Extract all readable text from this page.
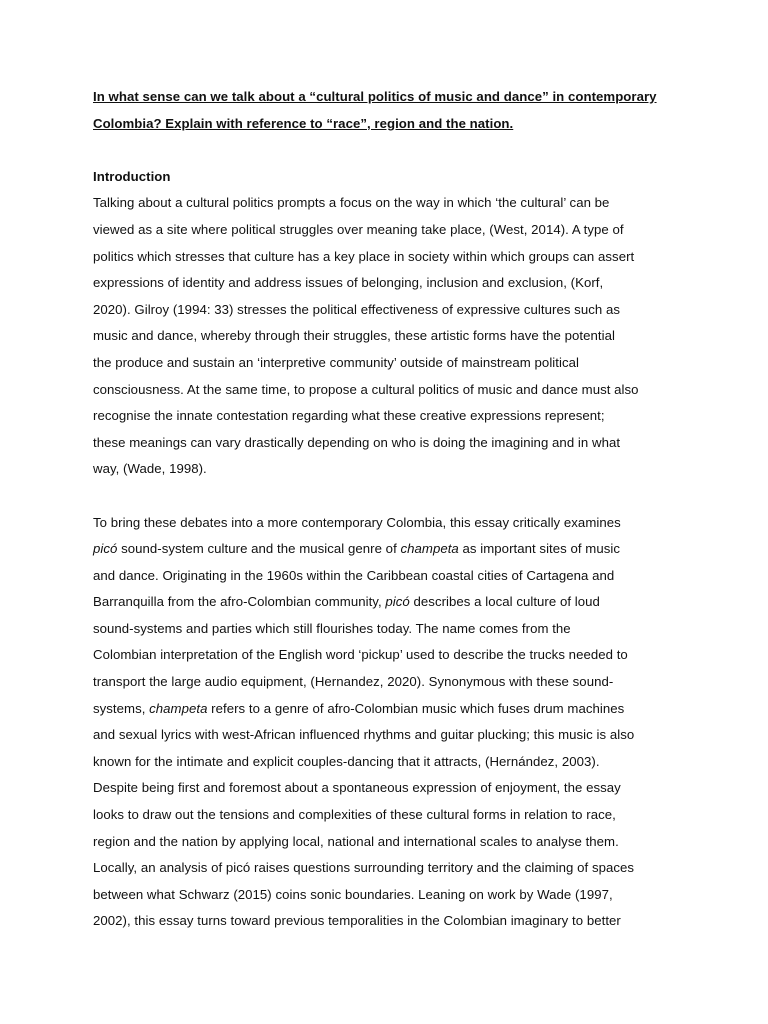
In what sense can we talk about a “cultural politics of music and dance” in contemporary
Colombia? Explain with reference to “race”, region and the nation.
Introduction
Talking about a cultural politics prompts a focus on the way in which ‘the cultural’ can be
viewed as a site where political struggles over meaning take place, (West, 2014). A type of
politics which stresses that culture has a key place in society within which groups can assert
expressions of identity and address issues of belonging, inclusion and exclusion, (Korf,
2020). Gilroy (1994: 33) stresses the political effectiveness of expressive cultures such as
music and dance, whereby through their struggles, these artistic forms have the potential
the produce and sustain an ‘interpretive community’ outside of mainstream political
consciousness. At the same time, to propose a cultural politics of music and dance must also
recognise the innate contestation regarding what these creative expressions represent;
these meanings can vary drastically depending on who is doing the imagining and in what
way, (Wade, 1998).
To bring these debates into a more contemporary Colombia, this essay critically examines
picó sound-system culture and the musical genre of champeta as important sites of music
and dance. Originating in the 1960s within the Caribbean coastal cities of Cartagena and
Barranquilla from the afro-Colombian community, picó describes a local culture of loud
sound-systems and parties which still flourishes today. The name comes from the
Colombian interpretation of the English word ‘pickup’ used to describe the trucks needed to
transport the large audio equipment, (Hernandez, 2020). Synonymous with these sound-
systems, champeta refers to a genre of afro-Colombian music which fuses drum machines
and sexual lyrics with west-African influenced rhythms and guitar plucking; this music is also
known for the intimate and explicit couples-dancing that it attracts, (Hernández, 2003).
Despite being first and foremost about a spontaneous expression of enjoyment, the essay
looks to draw out the tensions and complexities of these cultural forms in relation to race,
region and the nation by applying local, national and international scales to analyse them.
Locally, an analysis of picó raises questions surrounding territory and the claiming of spaces
between what Schwarz (2015) coins sonic boundaries. Leaning on work by Wade (1997,
2002), this essay turns toward previous temporalities in the Colombian imaginary to better
